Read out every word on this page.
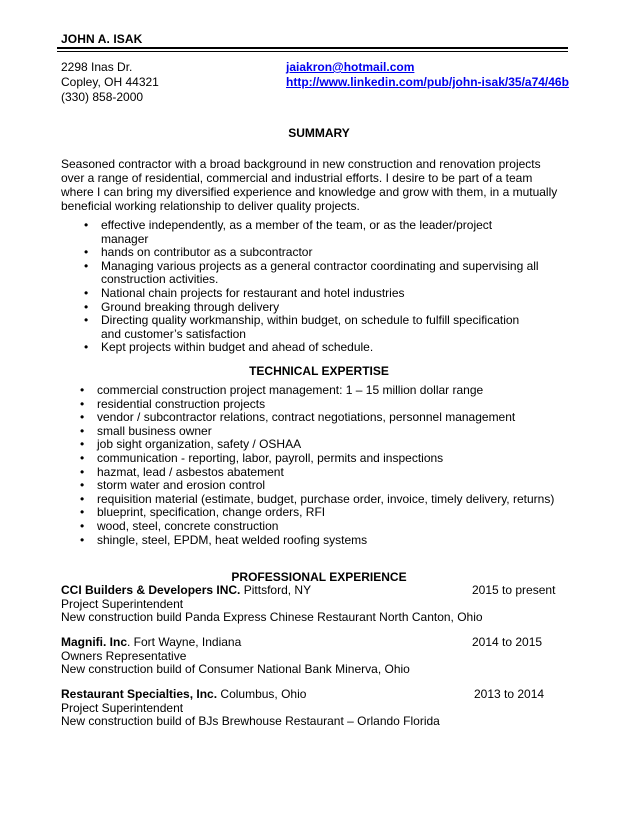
JOHN A. ISAK
2298 Inas Dr.
Copley, OH 44321
(330) 858-2000
jaiakron@hotmail.com
http://www.linkedin.com/pub/john-isak/35/a74/46b
SUMMARY
Seasoned contractor with a broad background in new construction and renovation projects over a range of residential, commercial and industrial efforts. I desire to be part of a team where I can bring my diversified experience and knowledge and grow with them, in a mutually beneficial working relationship to deliver quality projects.
• effective independently, as a member of the team, or as the leader/project manager
• hands on contributor as a subcontractor
• Managing various projects as a general contractor coordinating and supervising all construction activities.
• National chain projects for restaurant and hotel industries
• Ground breaking through delivery
• Directing quality workmanship, within budget, on schedule to fulfill specification and customer’s satisfaction
• Kept projects within budget and ahead of schedule.
TECHNICAL EXPERTISE
• commercial construction project management: 1 – 15 million dollar range
• residential construction projects
• vendor / subcontractor relations, contract negotiations, personnel management
• small business owner
• job sight organization, safety / OSHAA
• communication - reporting, labor, payroll, permits and inspections
• hazmat, lead / asbestos abatement
• storm water and erosion control
• requisition material (estimate, budget, purchase order, invoice, timely delivery, returns)
• blueprint, specification, change orders, RFI
• wood, steel, concrete construction
• shingle, steel, EPDM, heat welded roofing systems
PROFESSIONAL EXPERIENCE
CCI Builders & Developers INC. Pittsford, NY	2015 to present
Project Superintendent
New construction build Panda Express Chinese Restaurant North Canton, Ohio
Magnifi. Inc. Fort Wayne, Indiana	2014 to 2015
Owners Representative
New construction build of Consumer National Bank Minerva, Ohio
Restaurant Specialties, Inc. Columbus, Ohio	2013 to 2014
Project Superintendent
New construction build of BJs Brewhouse Restaurant – Orlando Florida
